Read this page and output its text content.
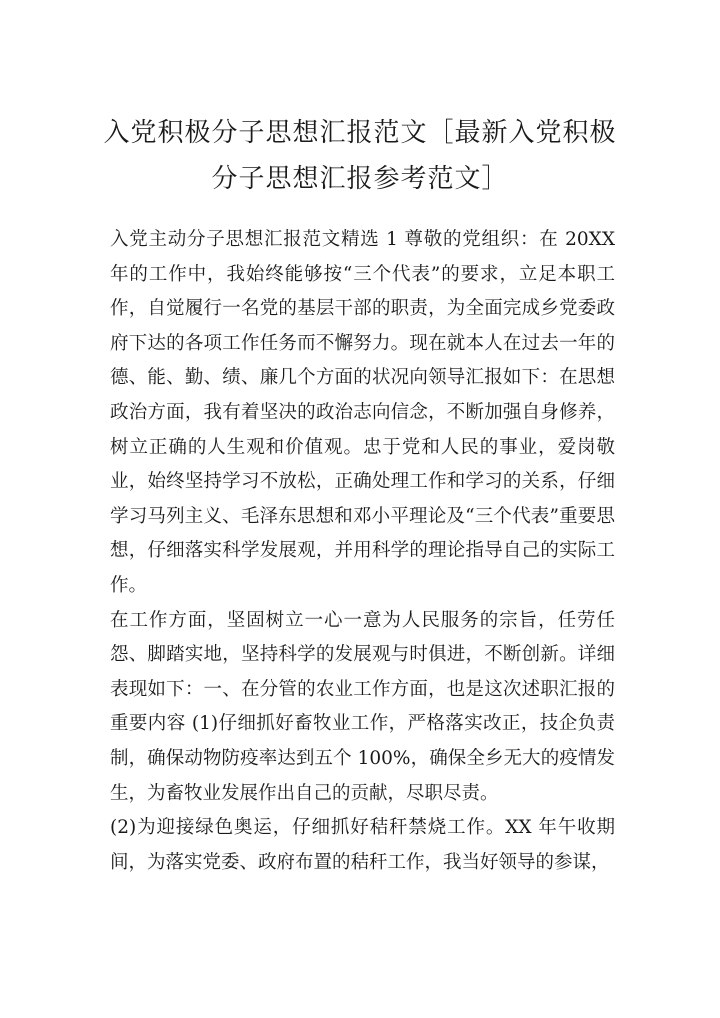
入党积极分子思想汇报范文［最新入党积极分子思想汇报参考范文］

入党主动分子思想汇报范文精选 1 尊敬的党组织：在 20XX 年的工作中，我始终能够按“三个代表”的要求，立足本职工作，自觉履行一名党的基层干部的职责，为全面完成乡党委政府下达的各项工作任务而不懈努力。现在就本人在过去一年的德、能、勤、绩、廉几个方面的状况向领导汇报如下：在思想政治方面，我有着坚决的政治志向信念，不断加强自身修养，树立正确的人生观和价值观。忠于党和人民的事业，爱岗敬业，始终坚持学习不放松，正确处理工作和学习的关系，仔细学习马列主义、毛泽东思想和邓小平理论及“三个代表”重要思想，仔细落实科学发展观，并用科学的理论指导自己的实际工作。

在工作方面，坚固树立一心一意为人民服务的宗旨，任劳任怨、脚踏实地，坚持科学的发展观与时俱进，不断创新。详细表现如下：一、在分管的农业工作方面，也是这次述职汇报的重要内容 (1)仔细抓好畜牧业工作，严格落实改正，技企负责制，确保动物防疫率达到五个 100%，确保全乡无大的疫情发生，为畜牧业发展作出自己的贡献，尽职尽责。

(2)为迎接绿色奥运，仔细抓好秸秆禁烧工作。XX 年午收期间，为落实党委、政府布置的秸秆工作，我当好领导的参谋，
